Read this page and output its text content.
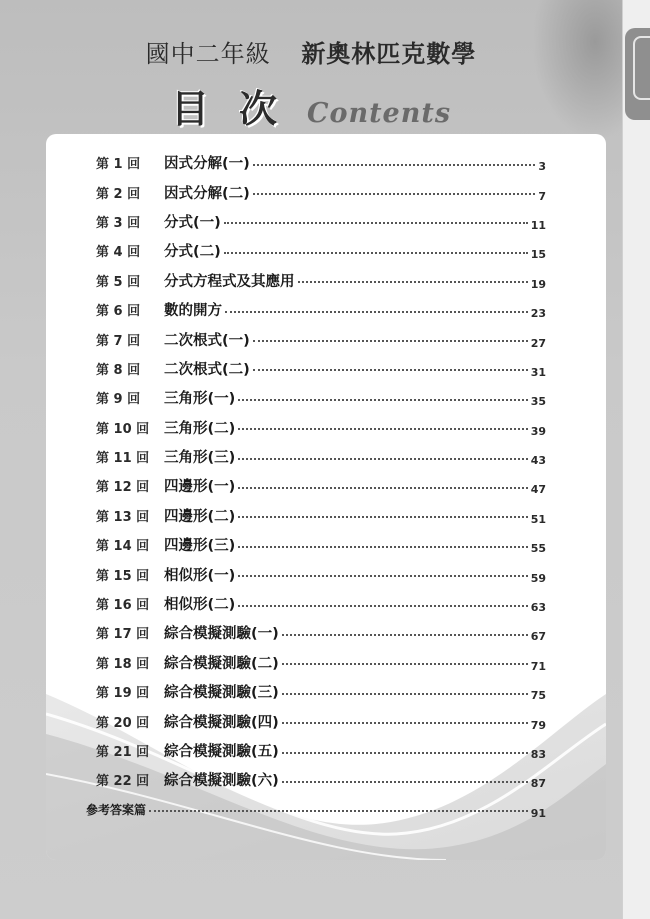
國中二年級 新奧林匹克數學
目次Contents
第 1 回	因式分解(一)	3
第 2 回	因式分解(二)	7
第 3 回	分式(一)	11
第 4 回	分式(二)	15
第 5 回	分式方程式及其應用	19
第 6 回	數的開方	23
第 7 回	二次根式(一)	27
第 8 回	二次根式(二)	31
第 9 回	三角形(一)	35
第 10 回	三角形(二)	39
第 11 回	三角形(三)	43
第 12 回	四邊形(一)	47
第 13 回	四邊形(二)	51
第 14 回	四邊形(三)	55
第 15 回	相似形(一)	59
第 16 回	相似形(二)	63
第 17 回	綜合模擬測驗(一)	67
第 18 回	綜合模擬測驗(二)	71
第 19 回	綜合模擬測驗(三)	75
第 20 回	綜合模擬測驗(四)	79
第 21 回	綜合模擬測驗(五)	83
第 22 回	綜合模擬測驗(六)	87
參考答案篇	91
